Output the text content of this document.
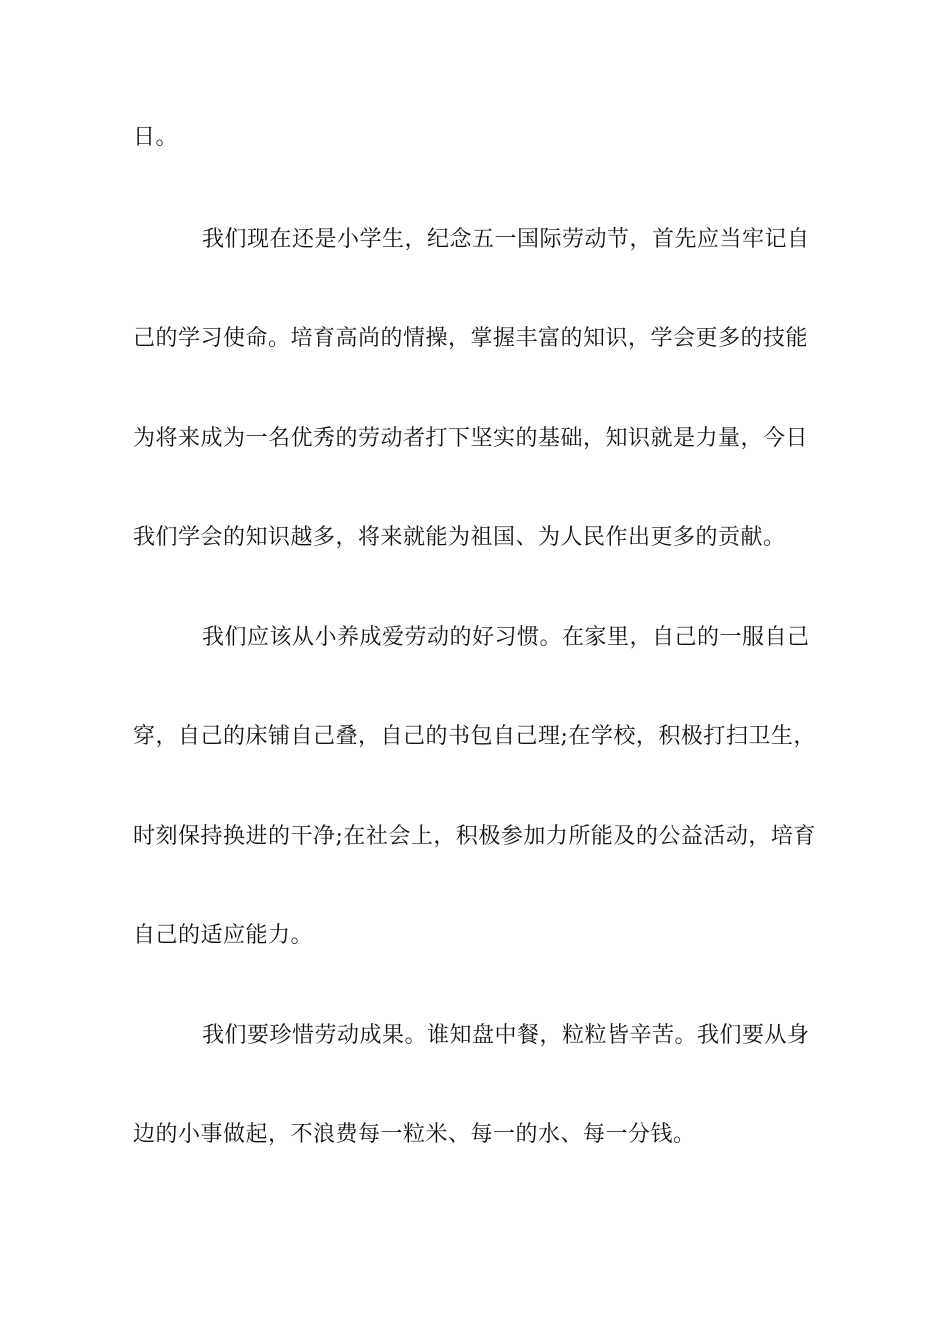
日。
我们现在还是小学生，纪念五一国际劳动节，首先应当牢记自
己的学习使命。培育高尚的情操，掌握丰富的知识，学会更多的技能
为将来成为一名优秀的劳动者打下坚实的基础，知识就是力量，今日
我们学会的知识越多，将来就能为祖国、为人民作出更多的贡献。
我们应该从小养成爱劳动的好习惯。在家里，自己的一服自己
穿，自己的床铺自己叠，自己的书包自己理;在学校，积极打扫卫生，
时刻保持换进的干净;在社会上，积极参加力所能及的公益活动，培育
自己的适应能力。
我们要珍惜劳动成果。谁知盘中餐，粒粒皆辛苦。我们要从身
边的小事做起，不浪费每一粒米、每一的水、每一分钱。
